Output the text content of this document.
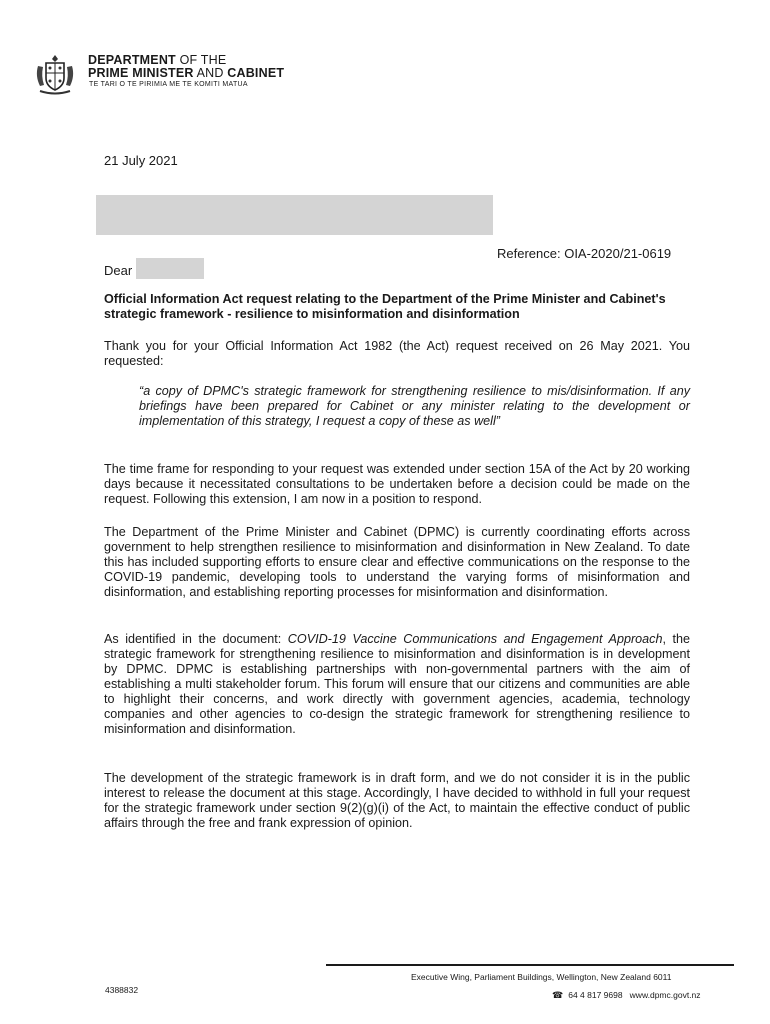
DEPARTMENT OF THE
PRIME MINISTER AND CABINET
TE TARI O TE PIRIMIA ME TE KOMITI MATUA
21 July 2021
Reference: OIA-2020/21-0619
Dear

Official Information Act request relating to the Department of the Prime Minister and Cabinet's strategic framework - resilience to misinformation and disinformation

Thank you for your Official Information Act 1982 (the Act) request received on 26 May 2021. You requested:

“a copy of DPMC's strategic framework for strengthening resilience to mis/disinformation. If any briefings have been prepared for Cabinet or any minister relating to the development or implementation of this strategy, I request a copy of these as well”

The time frame for responding to your request was extended under section 15A of the Act by 20 working days because it necessitated consultations to be undertaken before a decision could be made on the request. Following this extension, I am now in a position to respond.

The Department of the Prime Minister and Cabinet (DPMC) is currently coordinating efforts across government to help strengthen resilience to misinformation and disinformation in New Zealand. To date this has included supporting efforts to ensure clear and effective communications on the response to the COVID-19 pandemic, developing tools to understand the varying forms of misinformation and disinformation, and establishing reporting processes for misinformation and disinformation.

As identified in the document: COVID-19 Vaccine Communications and Engagement Approach, the strategic framework for strengthening resilience to misinformation and disinformation is in development by DPMC. DPMC is establishing partnerships with non-governmental partners with the aim of establishing a multi stakeholder forum. This forum will ensure that our citizens and communities are able to highlight their concerns, and work directly with government agencies, academia, technology companies and other agencies to co-design the strategic framework for strengthening resilience to misinformation and disinformation.

The development of the strategic framework is in draft form, and we do not consider it is in the public interest to release the document at this stage. Accordingly, I have decided to withhold in full your request for the strategic framework under section 9(2)(g)(i) of the Act, to maintain the effective conduct of public affairs through the free and frank expression of opinion.

Executive Wing, Parliament Buildings, Wellington, New Zealand 6011
4388832	☎ 64 4 817 9698 www.dpmc.govt.nz
